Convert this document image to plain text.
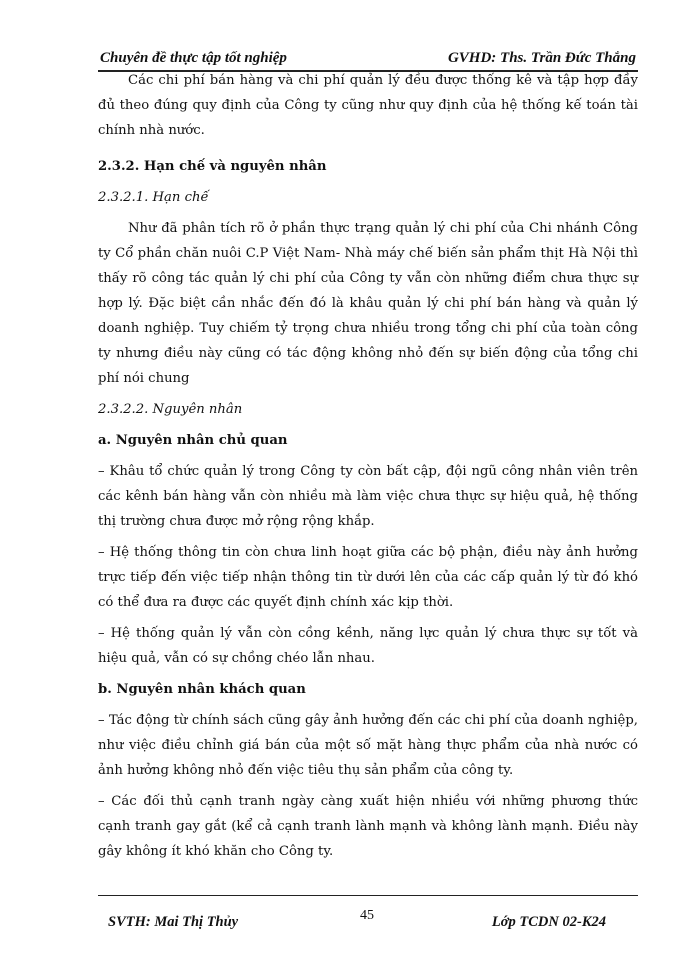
Chuyên đề thực tập tốt nghiệp	GVHD: Ths. Trần Đức Thắng

Các chi phí bán hàng và chi phí quản lý đều được thống kê và tập hợp đầy đủ theo đúng quy định của Công ty cũng như quy định của hệ thống kế toán tài chính nhà nước.

2.3.2. Hạn chế và nguyên nhân

2.3.2.1. Hạn chế

Như đã phân tích rõ ở phần thực trạng quản lý chi phí của Chi nhánh Công ty Cổ phần chăn nuôi C.P Việt Nam- Nhà máy chế biến sản phẩm thịt Hà Nội thì thấy rõ công tác quản lý chi phí của Công ty vẫn còn những điểm chưa thực sự hợp lý. Đặc biệt cần nhắc đến đó là khâu quản lý chi phí bán hàng và quản lý doanh nghiệp. Tuy chiếm tỷ trọng chưa nhiều trong tổng chi phí của toàn công ty nhưng điều này cũng có tác động không nhỏ đến sự biến động của tổng chi phí nói chung

2.3.2.2. Nguyên nhân

a. Nguyên nhân chủ quan

– Khâu tổ chức quản lý trong Công ty còn bất cập, đội ngũ công nhân viên trên các kênh bán hàng vẫn còn nhiều mà làm việc chưa thực sự hiệu quả, hệ thống thị trường chưa được mở rộng rộng khắp.

– Hệ thống thông tin còn chưa linh hoạt giữa các bộ phận, điều này ảnh hưởng trực tiếp đến việc tiếp nhận thông tin từ dưới lên của các cấp quản lý từ đó khó có thể đưa ra được các quyết định chính xác kịp thời.

– Hệ thống quản lý vẫn còn cồng kềnh, năng lực quản lý chưa thực sự tốt và hiệu quả, vẫn có sự chồng chéo lẫn nhau.

b. Nguyên nhân khách quan

– Tác động từ chính sách cũng gây ảnh hưởng đến các chi phí của doanh nghiệp, như việc điều chỉnh giá bán của một số mặt hàng thực phẩm của nhà nước có ảnh hưởng không nhỏ đến việc tiêu thụ sản phẩm của công ty.

– Các đối thủ cạnh tranh ngày càng xuất hiện nhiều với những phương thức cạnh tranh gay gắt (kể cả cạnh tranh lành mạnh và không lành mạnh. Điều này gây không ít khó khăn cho Công ty.

SVTH: Mai Thị Thủy	45	Lớp TCDN 02-K24
